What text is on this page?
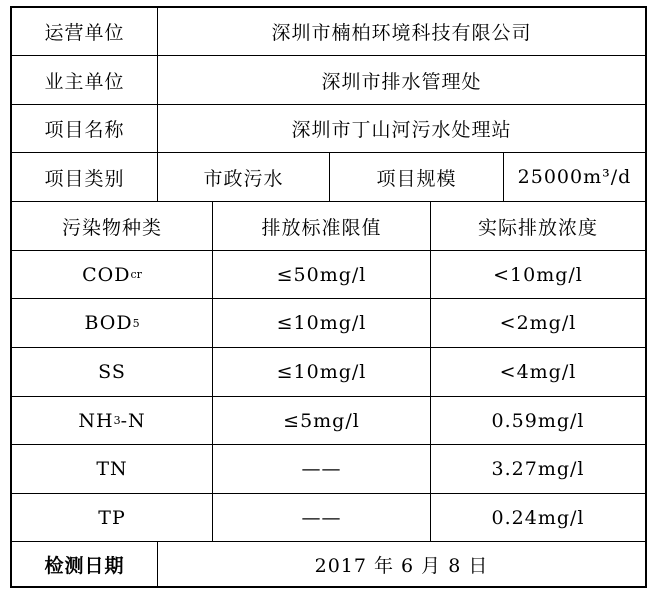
运营单位	深圳市楠柏环境科技有限公司
业主单位	深圳市排水管理处
项目名称	深圳市丁山河污水处理站
项目类别	市政污水	项目规模	25000m³/d
污染物种类	排放标准限值	实际排放浓度
COD cr	≤50mg/l	<10mg/l
BOD 5	≤10mg/l	<2mg/l
SS	≤10mg/l	<4mg/l
NH 3 -N	≤5mg/l	0.59mg/l
TN	——	3.27mg/l
TP	——	0.24mg/l
检测日期	2017 年 6 月 8 日
